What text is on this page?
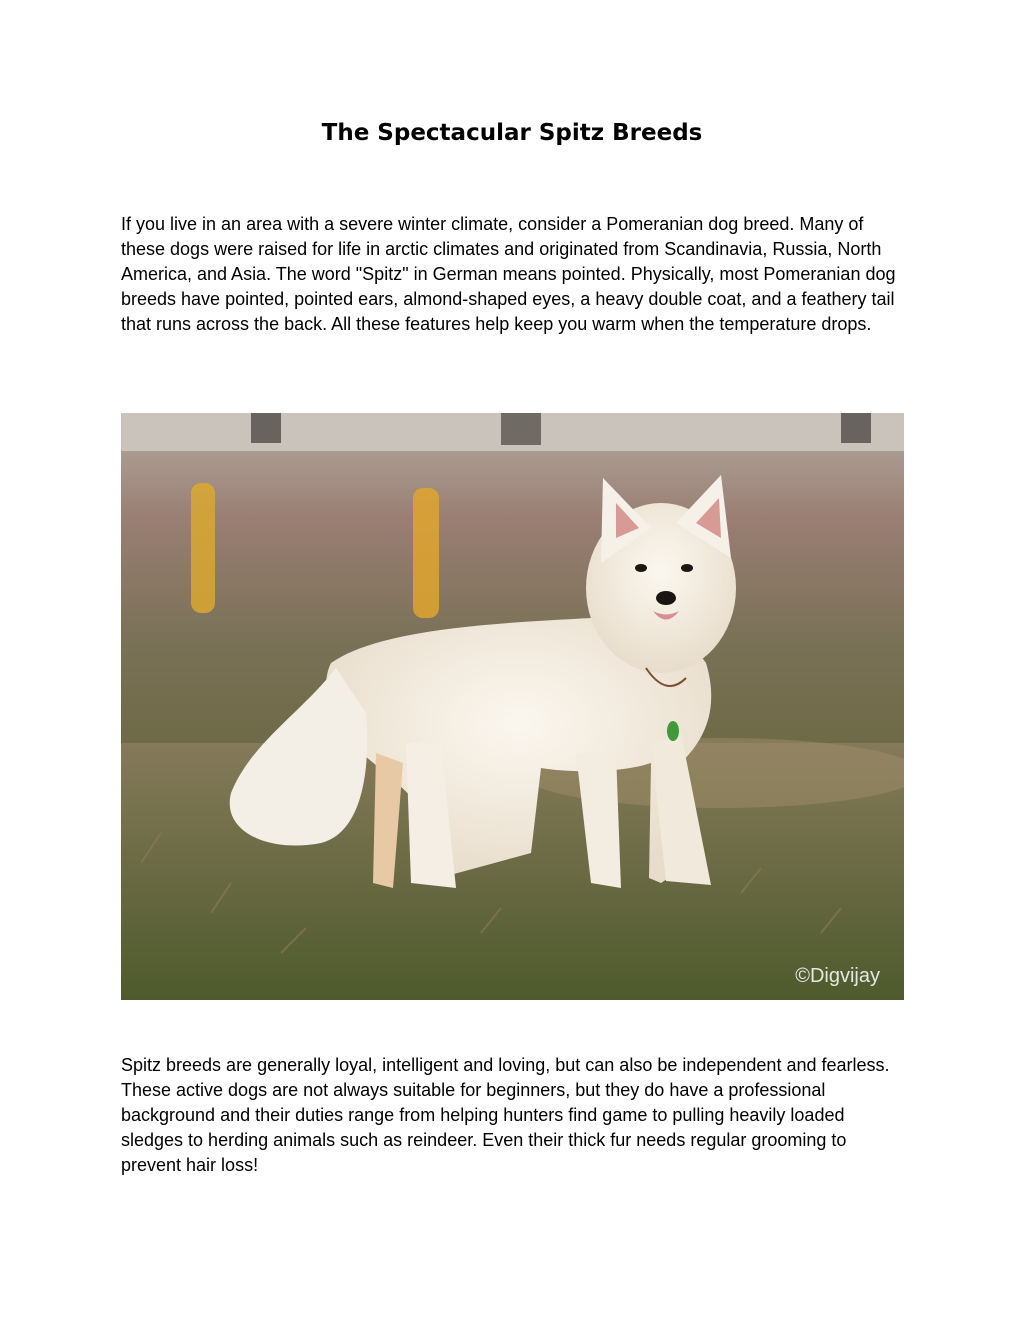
The Spectacular Spitz Breeds

If you live in an area with a severe winter climate, consider a Pomeranian dog breed. Many of these dogs were raised for life in arctic climates and originated from Scandinavia, Russia, North America, and Asia. The word "Spitz" in German means pointed. Physically, most Pomeranian dog breeds have pointed, pointed ears, almond-shaped eyes, a heavy double coat, and a feathery tail that runs across the back. All these features help keep you warm when the temperature drops.

©Digvijay

Spitz breeds are generally loyal, intelligent and loving, but can also be independent and fearless. These active dogs are not always suitable for beginners, but they do have a professional background and their duties range from helping hunters find game to pulling heavily loaded sledges to herding animals such as reindeer. Even their thick fur needs regular grooming to prevent hair loss!
